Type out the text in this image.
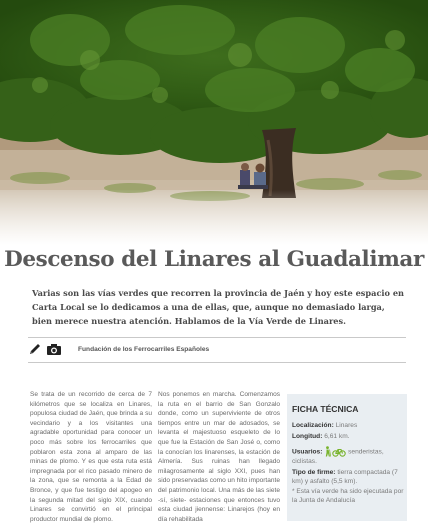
Descenso del Linares al Guadalimar

Varias son las vías verdes que recorren la provincia de Jaén y hoy este espacio en Carta Local se lo dedicamos a una de ellas, que, aunque no demasiado larga, bien merece nuestra atención. Hablamos de la Vía Verde de Linares.

Fundación de los Ferrocarriles Españoles

Se trata de un recorrido de cerca de 7 kilómetros que se localiza en Linares, populosa ciudad de Jaén, que brinda a su vecindario y a los visitantes una agradable oportunidad para conocer un poco más sobre los ferrocarriles que poblaron esta zona al amparo de las minas de plomo. Y es que esta ruta está impregnada por el rico pasado minero de la zona, que se remonta a la Edad de Bronce, y que fue testigo del apogeo en la segunda mitad del siglo XIX, cuando Linares se convirtió en el principal productor mundial de plomo.

Nos ponemos en marcha. Comenzamos la ruta en el barrio de San Gonzalo donde, como un superviviente de otros tiempos entre un mar de adosados, se levanta el majestuoso esqueleto de lo que fue la Estación de San José o, como la conocían los linarenses, la estación de Almería. Sus ruinas han llegado milagrosamente al siglo XXI, pues han sido preservadas como un hito importante del patrimonio local. Una más de las siete -sí, siete- estaciones que entonces tuvo esta ciudad jiennense: Linarejos (hoy en día rehabilitada

FICHA TÉCNICA
Localización: Linares
Longitud: 6,61 km.
Usuarios:	senderistas,
ciclistas.
Tipo de firme: tierra compactada (7 km) y asfalto (5,5 km).
* Esta vía verde ha sido ejecutada por la Junta de Andalucía
